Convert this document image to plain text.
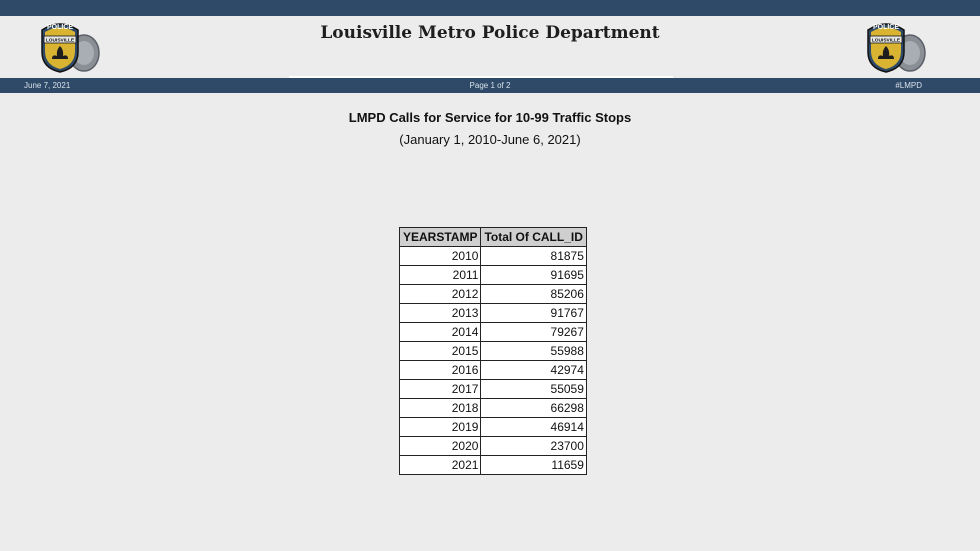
POLICE
LOUISVILLE
POLICE
LOUISVILLE
Louisville Metro Police Department
June 7, 2021	Page 1 of 2	#LMPD
LMPD Calls for Service for 10-99 Traffic Stops
(January 1, 2010-June 6, 2021)
YEARSTAMP	Total Of CALL_ID
2010	81875
2011	91695
2012	85206
2013	91767
2014	79267
2015	55988
2016	42974
2017	55059
2018	66298
2019	46914
2020	23700
2021	11659
